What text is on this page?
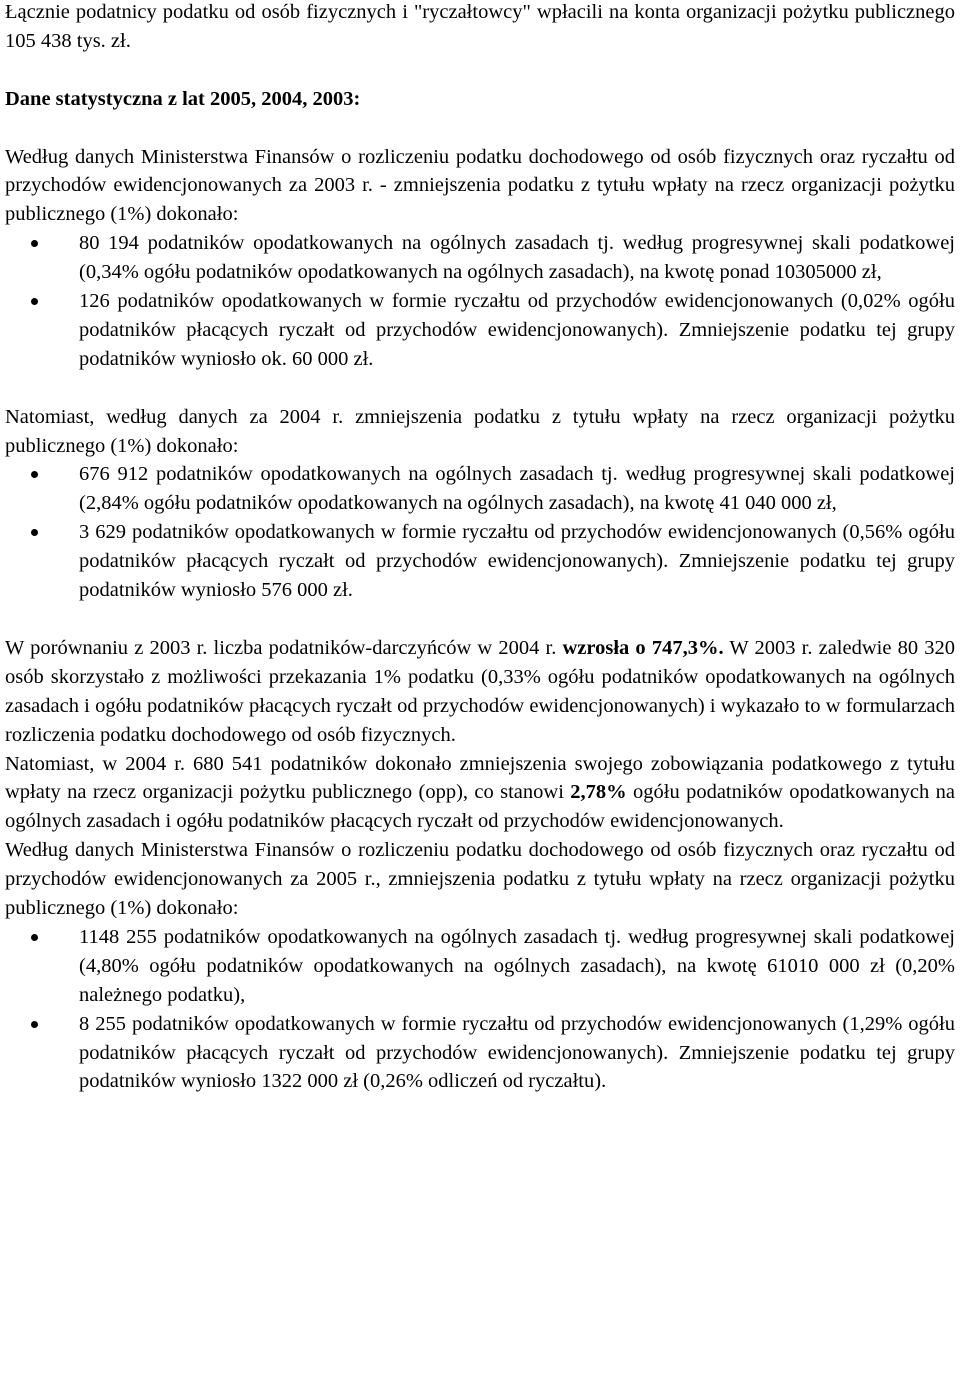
Łącznie podatnicy podatku od osób fizycznych i "ryczałtowcy" wpłacili na konta organizacji pożytku publicznego 105 438 tys. zł.

Dane statystyczna z lat 2005, 2004, 2003:

Według danych Ministerstwa Finansów o rozliczeniu podatku dochodowego od osób fizycznych oraz ryczałtu od przychodów ewidencjonowanych za 2003 r. - zmniejszenia podatku z tytułu wpłaty na rzecz organizacji pożytku publicznego (1%) dokonało:

80 194 podatników opodatkowanych na ogólnych zasadach tj. według progresywnej skali podatkowej (0,34% ogółu podatników opodatkowanych na ogólnych zasadach), na kwotę ponad 10305000 zł,
126 podatników opodatkowanych w formie ryczałtu od przychodów ewidencjonowanych (0,02% ogółu podatników płacących ryczałt od przychodów ewidencjonowanych). Zmniejszenie podatku tej grupy podatników wyniosło ok. 60 000 zł.

Natomiast, według danych za 2004 r. zmniejszenia podatku z tytułu wpłaty na rzecz organizacji pożytku publicznego (1%) dokonało:

676 912 podatników opodatkowanych na ogólnych zasadach tj. według progresywnej skali podatkowej (2,84% ogółu podatników opodatkowanych na ogólnych zasadach), na kwotę 41 040 000 zł,
3 629 podatników opodatkowanych w formie ryczałtu od przychodów ewidencjonowanych (0,56% ogółu podatników płacących ryczałt od przychodów ewidencjonowanych). Zmniejszenie podatku tej grupy podatników wyniosło 576 000 zł.

W porównaniu z 2003 r. liczba podatników-darczyńców w 2004 r. wzrosła o 747,3%. W 2003 r. zaledwie 80 320 osób skorzystało z możliwości przekazania 1% podatku (0,33% ogółu podatników opodatkowanych na ogólnych zasadach i ogółu podatników płacących ryczałt od przychodów ewidencjonowanych) i wykazało to w formularzach rozliczenia podatku dochodowego od osób fizycznych.

Natomiast, w 2004 r. 680 541 podatników dokonało zmniejszenia swojego zobowiązania podatkowego z tytułu wpłaty na rzecz organizacji pożytku publicznego (opp), co stanowi 2,78% ogółu podatników opodatkowanych na ogólnych zasadach i ogółu podatników płacących ryczałt od przychodów ewidencjonowanych.

Według danych Ministerstwa Finansów o rozliczeniu podatku dochodowego od osób fizycznych oraz ryczałtu od przychodów ewidencjonowanych za 2005 r., zmniejszenia podatku z tytułu wpłaty na rzecz organizacji pożytku publicznego (1%) dokonało:

1148 255 podatników opodatkowanych na ogólnych zasadach tj. według progresywnej skali podatkowej (4,80% ogółu podatników opodatkowanych na ogólnych zasadach), na kwotę 61010 000 zł (0,20% należnego podatku),
8 255 podatników opodatkowanych w formie ryczałtu od przychodów ewidencjonowanych (1,29% ogółu podatników płacących ryczałt od przychodów ewidencjonowanych). Zmniejszenie podatku tej grupy podatników wyniosło 1322 000 zł (0,26% odliczeń od ryczałtu).
